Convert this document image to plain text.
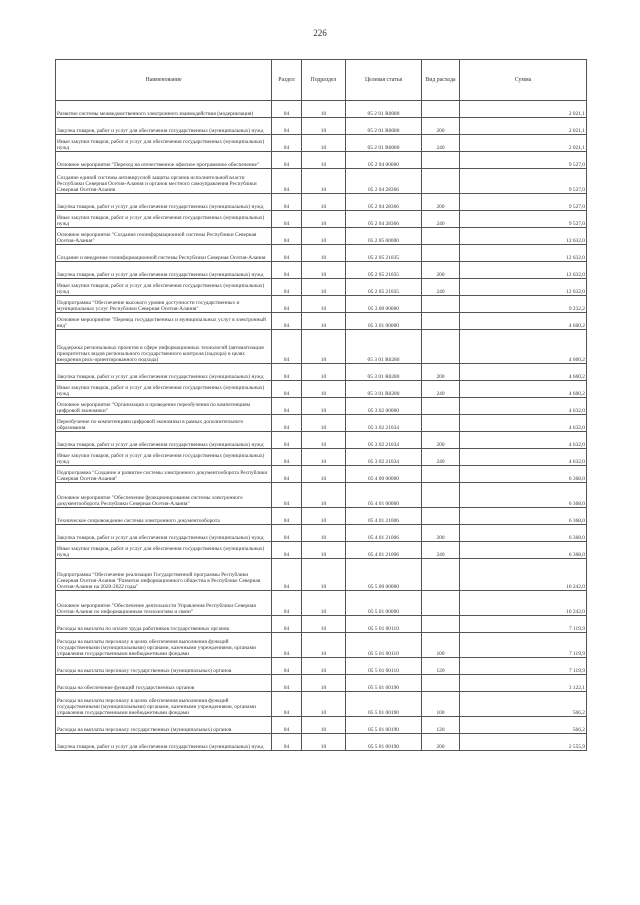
226
Наименование	Раздел	Подраздел	Целевая статья	Вид расхода	Сумма
Развитие системы межведомственного электронного взаимодействия (модернизация)	04	10	05 2 01 R0080		2 021,1
Закупка товаров, работ и услуг для обеспечения государственных (муниципальных) нужд	04	10	05 2 01 R0080	200	2 021,1
Иные закупки товаров, работ и услуг для обеспечения государственных (муниципальных) нужд	04	10	05 2 01 R0080	240	2 021,1
Основное мероприятие "Переход на отечественное офисное программное обеспечение"	04	10	05 2 04 00000		9 527,0
Создание единой системы антивирусной защиты органов исполнительной власти Республики Северная Осетия-Алания и органов местного самоуправления Республики Северная Осетия-Алания	04	10	05 2 04 28366		9 527,0
Закупка товаров, работ и услуг для обеспечения государственных (муниципальных) нужд	04	10	05 2 04 28366	200	9 527,0
Иные закупки товаров, работ и услуг для обеспечения государственных (муниципальных) нужд	04	10	05 2 04 28366	240	9 527,0
Основное мероприятие "Создание геоинформационной системы Республики Северная Осетия-Алания"	04	10	05 2 05 00000		12 632,0
Создание и внедрение геоинформационной системы Республики Северная Осетия-Алания	04	10	05 2 05 21035		12 632,0
Закупка товаров, работ и услуг для обеспечения государственных (муниципальных) нужд	04	10	05 2 05 21035	200	12 632,0
Иные закупки товаров, работ и услуг для обеспечения государственных (муниципальных) нужд	04	10	05 2 05 21035	240	12 632,0
Подпрограмма "Обеспечение высокого уровня доступности государственных и муниципальных услуг Республики Северная Осетия-Алания"	04	10	05 3 00 00000		9 232,2
Основное мероприятие "Перевод государственных и муниципальных услуг в электронный вид"	04	10	05 3 01 00000		4 600,2
Поддержка региональных проектов в сфере информационных технологий (автоматизация приоритетных видов регионального государственного контроля (надзора) в целях внедрения риск-ориентированного подхода)	04	10	05 3 01 R0280		4 600,2
Закупка товаров, работ и услуг для обеспечения государственных (муниципальных) нужд	04	10	05 3 01 R0280	200	4 600,2
Иные закупки товаров, работ и услуг для обеспечения государственных (муниципальных) нужд	04	10	05 3 01 R0280	240	4 600,2
Основное мероприятие "Организация и проведение переобучения по компетенциям цифровой экономики"	04	10	05 3 02 00000		4 632,0
Переобучение по компетенциям цифровой экономики в рамках дополнительного образования	04	10	05 3 02 21034		4 632,0
Закупка товаров, работ и услуг для обеспечения государственных (муниципальных) нужд	04	10	05 3 02 21034	200	4 632,0
Иные закупки товаров, работ и услуг для обеспечения государственных (муниципальных) нужд	04	10	05 3 02 21034	240	4 632,0
Подпрограмма "Создание и развитие системы электронного документооборота Республики Северная Осетия-Алания"	04	10	05 4 00 00000		6 368,0
Основное мероприятие "Обеспечение функционирования системы электронного документооборота Республики Северная Осетия-Алания"	04	10	05 4 01 00000		6 368,0
Техническое сопровождение системы электронного документооборота	04	10	05 4 01 21006		6 368,0
Закупка товаров, работ и услуг для обеспечения государственных (муниципальных) нужд	04	10	05 4 01 21006	200	6 368,0
Иные закупки товаров, работ и услуг для обеспечения государственных (муниципальных) нужд	04	10	05 4 01 21006	240	6 368,0
Подпрограмма "Обеспечение реализации Государственной программы Республики Северная Осетия-Алания "Развитие информационного общества в Республике Северная Осетия-Алания на 2020-2022 годы"	04	10	05 5 00 00000		10 242,0
Основное мероприятие "Обеспечение деятельности Управления Республики Северная Осетия-Алания по информационным технологиям и связи"	04	10	05 5 01 00000		10 242,0
Расходы на выплаты по оплате труда работников государственных органов	04	10	05 5 01 00110		7 119,9
Расходы на выплаты персоналу в целях обеспечения выполнения функций государственными (муниципальными) органами, казенными учреждениями, органами управления государственными внебюджетными фондами	04	10	05 5 01 00110	100	7 119,9
Расходы на выплаты персоналу государственных (муниципальных) органов	04	10	05 5 01 00110	120	7 119,9
Расходы на обеспечение функций государственных органов	04	10	05 5 01 00190		3 122,1
Расходы на выплаты персоналу в целях обеспечения выполнения функций государственными (муниципальными) органами, казенными учреждениями, органами управления государственными внебюджетными фондами	04	10	05 5 01 00190	100	566,2
Расходы на выплаты персоналу государственных (муниципальных) органов	04	10	05 5 01 00190	120	566,2
Закупка товаров, работ и услуг для обеспечения государственных (муниципальных) нужд	04	10	05 5 01 00190	200	2 555,9
